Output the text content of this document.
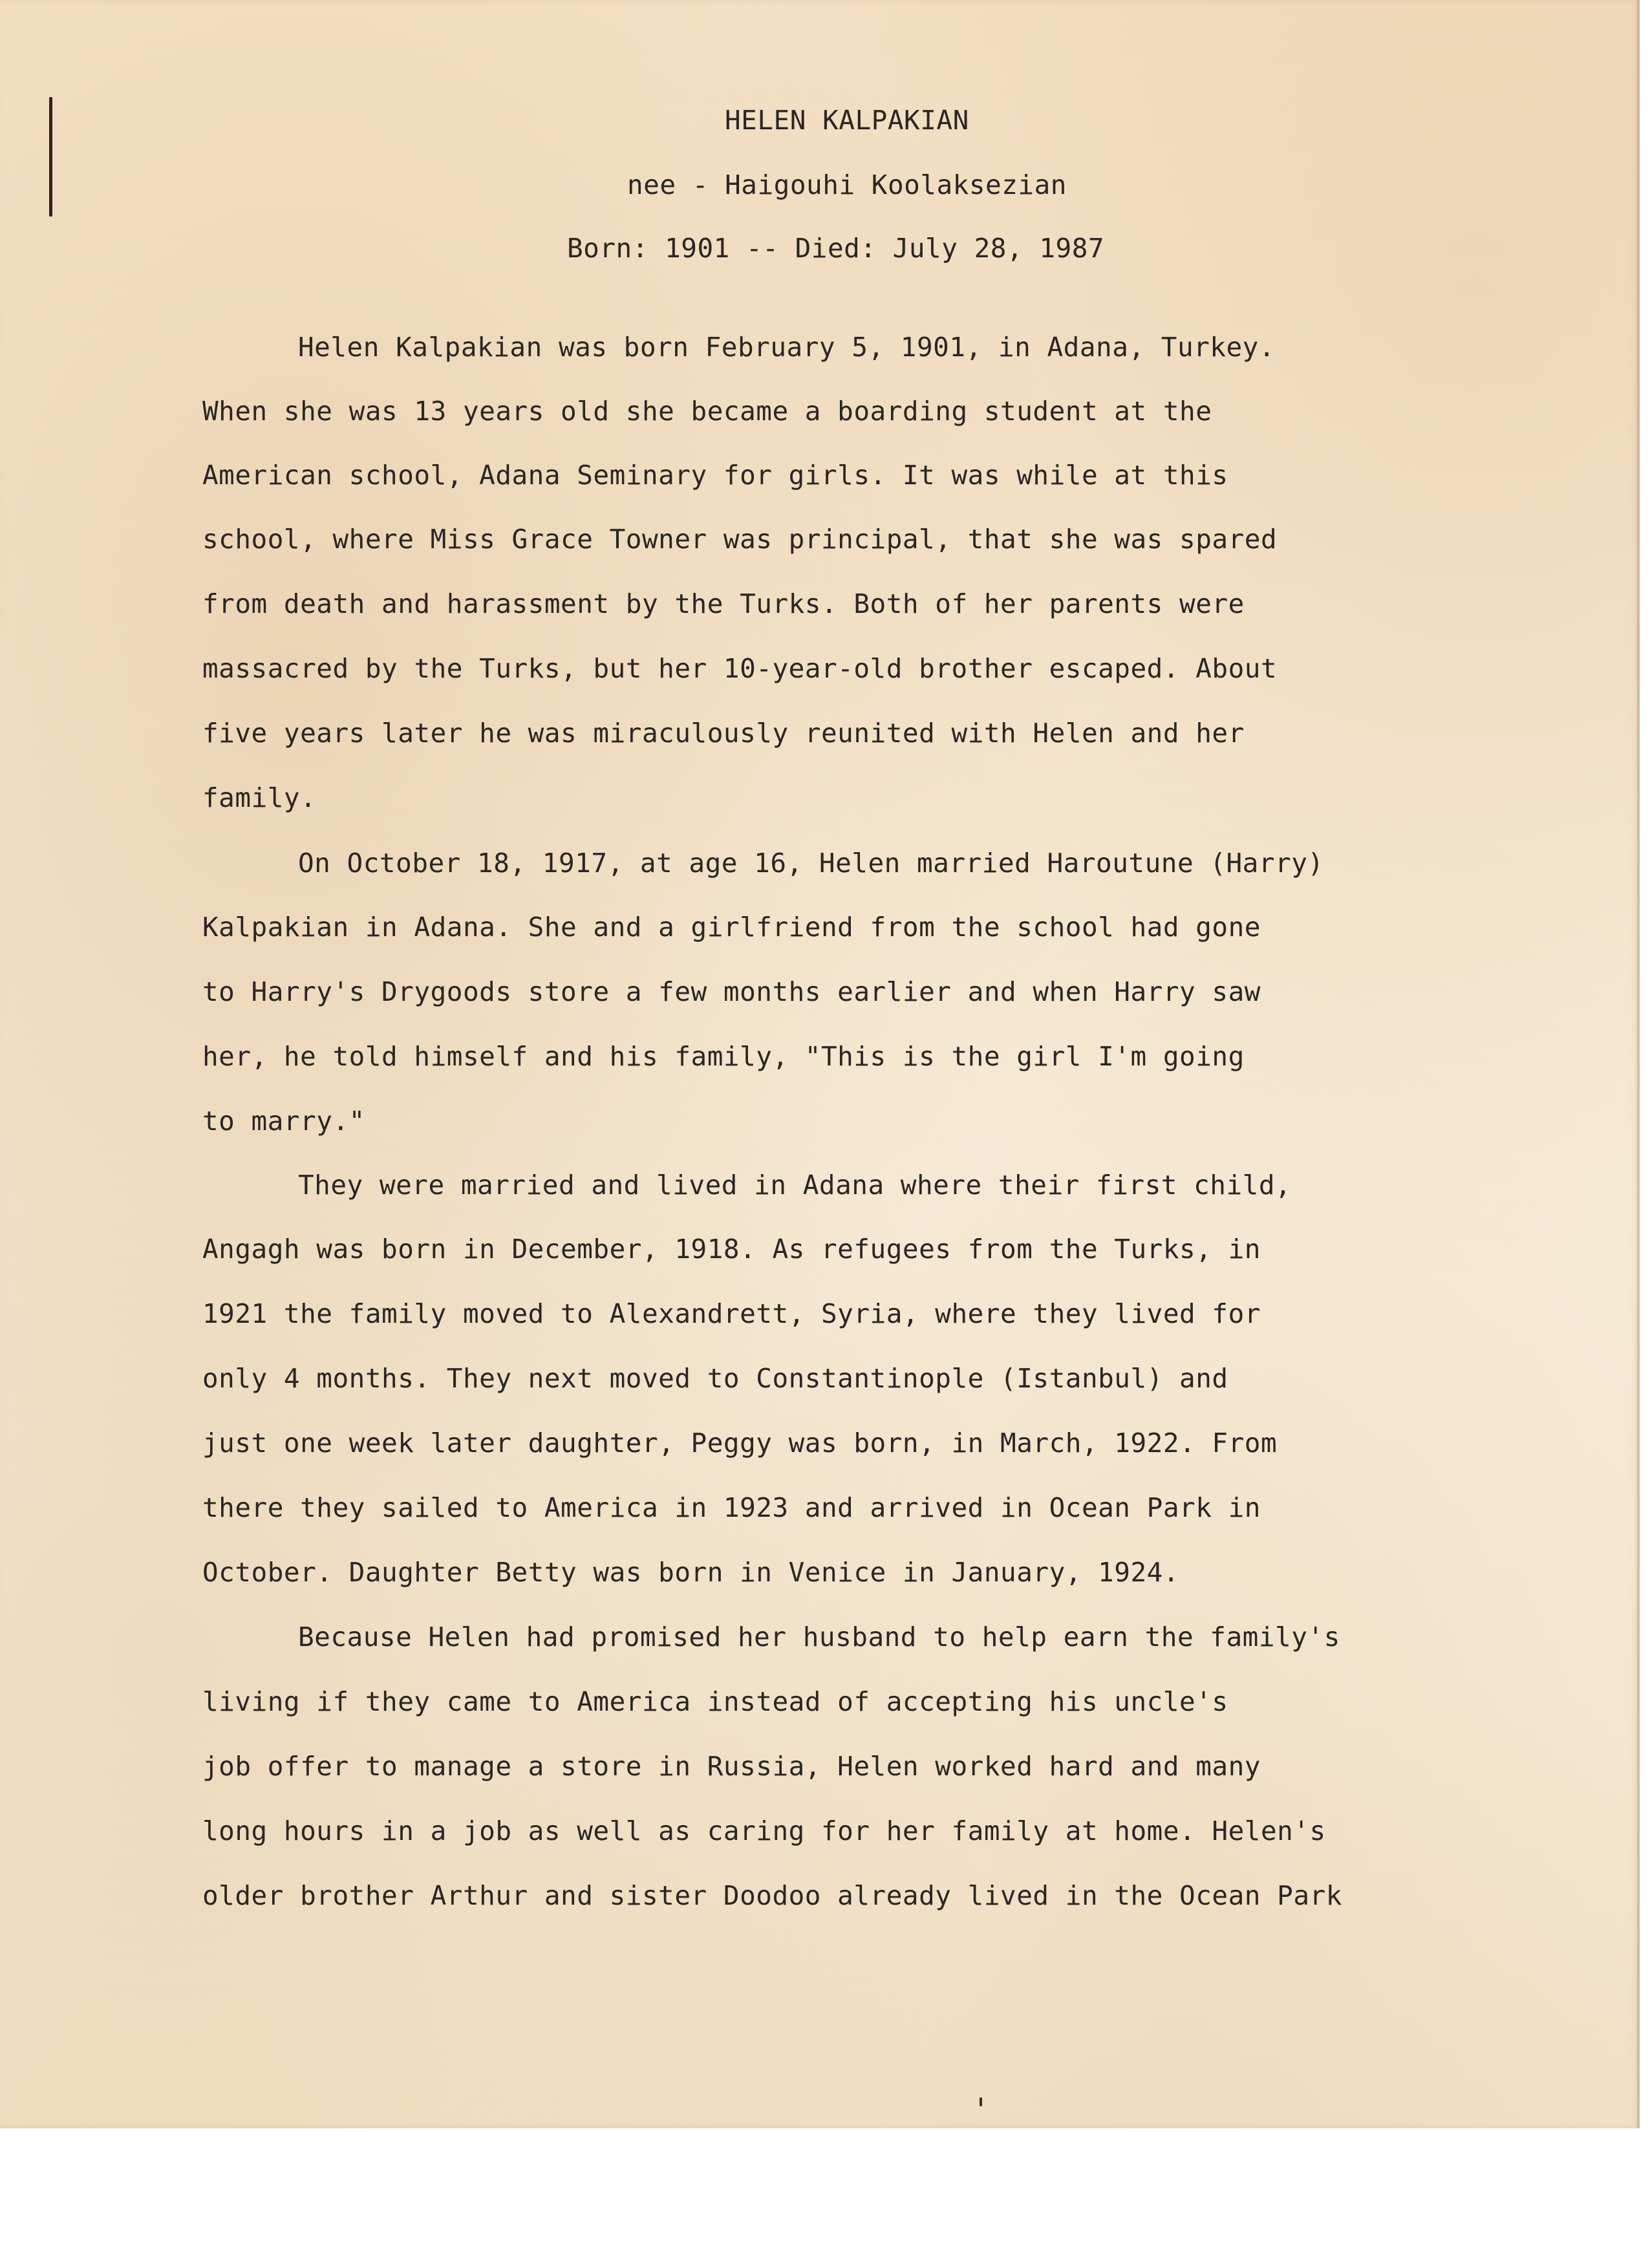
HELEN KALPAKIAN

nee - Haigouhi Koolaksezian

Born: 1901 -- Died: July 28, 1987

Helen Kalpakian was born February 5, 1901, in Adana, Turkey.

When she was 13 years old she became a boarding student at the

American school, Adana Seminary for girls. It was while at this

school, where Miss Grace Towner was principal, that she was spared

from death and harassment by the Turks. Both of her parents were

massacred by the Turks, but her 10-year-old brother escaped. About

five years later he was miraculously reunited with Helen and her

family.

On October 18, 1917, at age 16, Helen married Haroutune (Harry)

Kalpakian in Adana. She and a girlfriend from the school had gone

to Harry's Drygoods store a few months earlier and when Harry saw

her, he told himself and his family, "This is the girl I'm going

to marry."

They were married and lived in Adana where their first child,

Angagh was born in December, 1918. As refugees from the Turks, in

1921 the family moved to Alexandrett, Syria, where they lived for

only 4 months. They next moved to Constantinople (Istanbul) and

just one week later daughter, Peggy was born, in March, 1922. From

there they sailed to America in 1923 and arrived in Ocean Park in

October. Daughter Betty was born in Venice in January, 1924.

Because Helen had promised her husband to help earn the family's

living if they came to America instead of accepting his uncle's

job offer to manage a store in Russia, Helen worked hard and many

long hours in a job as well as caring for her family at home. Helen's

older brother Arthur and sister Doodoo already lived in the Ocean Park
